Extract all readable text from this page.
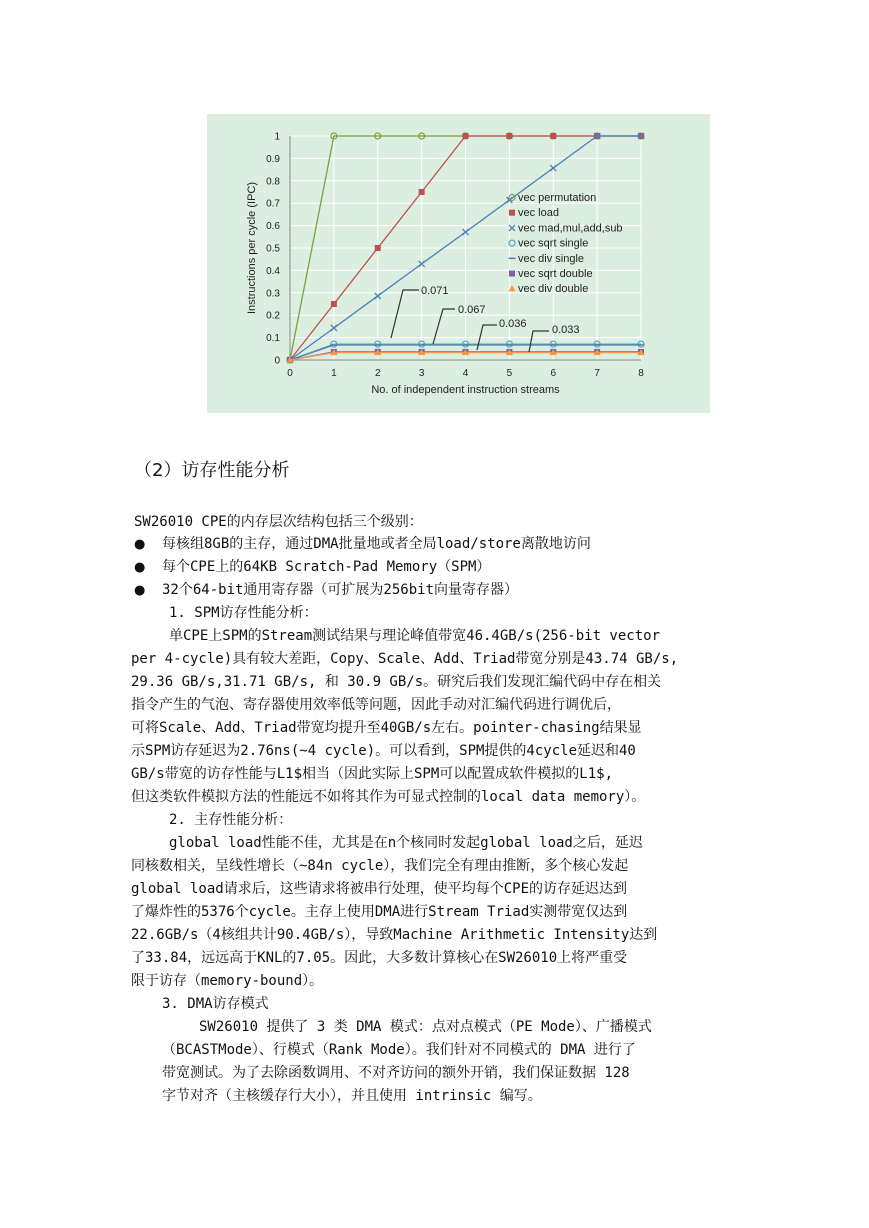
0
0.1
0.2
0.3
0.4
0.5
0.6
0.7
0.8
0.9
1
0	1	2	3	4	5	6	7	8
No. of independent instruction streams
Instructions per cycle (IPC)	vec permutation
vec load
vec mad,mul,add,sub
vec sqrt single
vec div single
vec sqrt double
vec div double
0.071
0.067
0.036 0.033
（2）访存性能分析
SW26010 CPE的内存层次结构包括三个级别：
● 每核组8GB的主存，通过DMA批量地或者全局load/store离散地访问
● 每个CPE上的64KB Scratch-Pad Memory（SPM）
● 32个64-bit通用寄存器（可扩展为256bit向量寄存器）
1. SPM访存性能分析：
单CPE上SPM的Stream测试结果与理论峰值带宽46.4GB/s(256-bit vector
per 4-cycle)具有较大差距，Copy、Scale、Add、Triad带宽分别是43.74 GB/s,
29.36 GB/s,31.71 GB/s, 和 30.9 GB/s。研究后我们发现汇编代码中存在相关
指令产生的气泡、寄存器使用效率低等问题，因此手动对汇编代码进行调优后，
可将Scale、Add、Triad带宽均提升至40GB/s左右。pointer-chasing结果显
示SPM访存延迟为2.76ns(~4 cycle)。可以看到，SPM提供的4cycle延迟和40
GB/s带宽的访存性能与L1$相当（因此实际上SPM可以配置成软件模拟的L1$,
但这类软件模拟方法的性能远不如将其作为可显式控制的local data memory）。
2. 主存性能分析：
global load性能不佳，尤其是在n个核同时发起global load之后，延迟
同核数相关，呈线性增长（~84n cycle），我们完全有理由推断，多个核心发起
global load请求后，这些请求将被串行处理，使平均每个CPE的访存延迟达到
了爆炸性的5376个cycle。主存上使用DMA进行Stream Triad实测带宽仅达到
22.6GB/s（4核组共计90.4GB/s），导致Machine Arithmetic Intensity达到
了33.84，远远高于KNL的7.05。因此，大多数计算核心在SW26010上将严重受
限于访存（memory-bound）。
3. DMA访存模式
SW26010 提供了 3 类 DMA 模式：点对点模式（PE Mode）、广播模式
（BCASTMode）、行模式（Rank Mode）。我们针对不同模式的 DMA 进行了
带宽测试。为了去除函数调用、不对齐访问的额外开销，我们保证数据 128
字节对齐（主核缓存行大小），并且使用 intrinsic 编写。
